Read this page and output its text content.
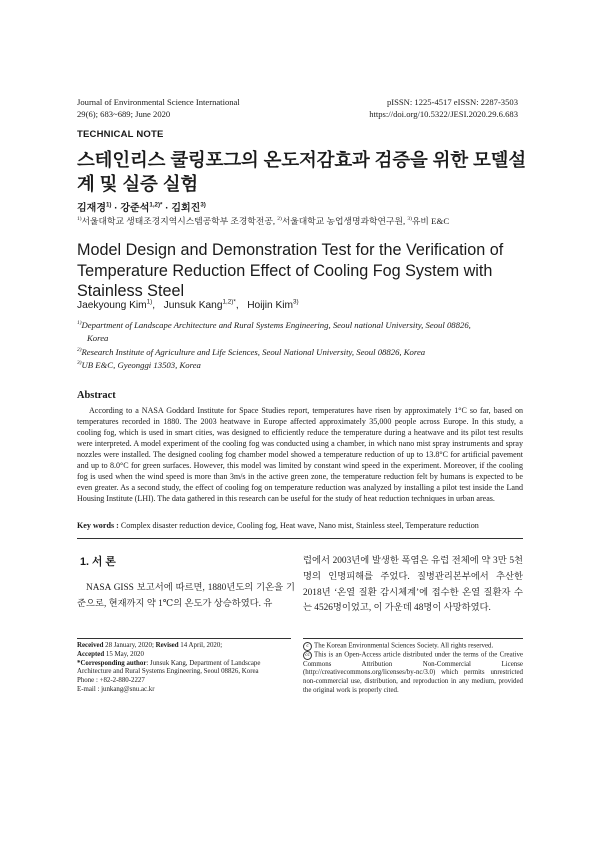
Journal of Environmental Science International
29(6); 683~689; June 2020
pISSN: 1225-4517 eISSN: 2287-3503
https://doi.org/10.5322/JESI.2020.29.6.683
TECHNICAL NOTE
스테인리스 쿨링포그의 온도저감효과 검증을 위한 모델설계 및 실증 실험
김재경$^{1)}$ · 강준석$^{1,2)*}$ · 김회진$^{3)}$
$^{1)}$서울대학교 생태조경지역시스템공학부 조경학전공, $^{2)}$서울대학교 농업생명과학연구원, $^{3)}$유비 E&C
Model Design and Demonstration Test for the Verification of Temperature Reduction Effect of Cooling Fog System with Stainless Steel
Jaekyoung Kim$^{1)}$,   Junsuk Kang$^{1,2)*}$,   Hoijin Kim$^{3)}$
$^{1)}$Department of Landscape Architecture and Rural Systems Engineering, Seoul national University, Seoul 08826,
Korea
$^{2)}$Research Institute of Agriculture and Life Sciences, Seoul National University, Seoul 08826, Korea
$^{3)}$UB E&C, Gyeonggi 13503, Korea
Abstract
According to a NASA Goddard Institute for Space Studies report, temperatures have risen by approximately 1°C so far, based on temperatures recorded in 1880. The 2003 heatwave in Europe affected approximately 35,000 people across Europe. In this study, a cooling fog, which is used in smart cities, was designed to efficiently reduce the temperature during a heatwave and its pilot test results were interpreted. A model experiment of the cooling fog was conducted using a chamber, in which nano mist spray instruments and spray nozzles were installed. The designed cooling fog chamber model showed a temperature reduction of up to 13.8°C for artificial pavement and up to 8.0°C for green surfaces. However, this model was limited by constant wind speed in the experiment. Moreover, if the cooling fog is used when the wind speed is more than 3m/s in the active green zone, the temperature reduction felt by humans is expected to be even greater. As a second study, the effect of cooling fog on temperature reduction was analyzed by installing a pilot test inside the Land Housing Institute (LHI). The data gathered in this research can be useful for the study of heat reduction techniques in urban areas.
Key words : Complex disaster reduction device, Cooling fog, Heat wave, Nano mist, Stainless steel, Temperature reduction
1. 서 론
NASA GISS 보고서에 따르면, 1880년도의 기온을 기준으로, 현재까지 약 1℃의 온도가 상승하였다. 유
럽에서 2003년에 발생한 폭염은 유럽 전체에 약 3만 5천 명의 인명피해를 주었다. 질병관리본부에서 추산한 2018년 ‘온열 질환 감시체계’에 접수한 온열 질환자 수는 4526명이었고, 이 가운데 48명이 사망하였다.
Received 28 January, 2020; Revised 14 April, 2020;
Accepted 15 May, 2020
*Corresponding author: Junsuk Kang, Department of Landscape Architecture and Rural Systems Engineering, Seoul 08826, Korea
Phone : +82-2-880-2227
E-mail : junkang@snu.ac.kr
c The Korean Environmental Sciences Society. All rights reserved.
cc This is an Open-Access article distributed under the terms of the Creative Commons Attribution Non-Commercial License (http://creativecommons.org/licenses/by-nc/3.0) which permits unrestricted non-commercial use, distribution, and reproduction in any medium, provided the original work is properly cited.
